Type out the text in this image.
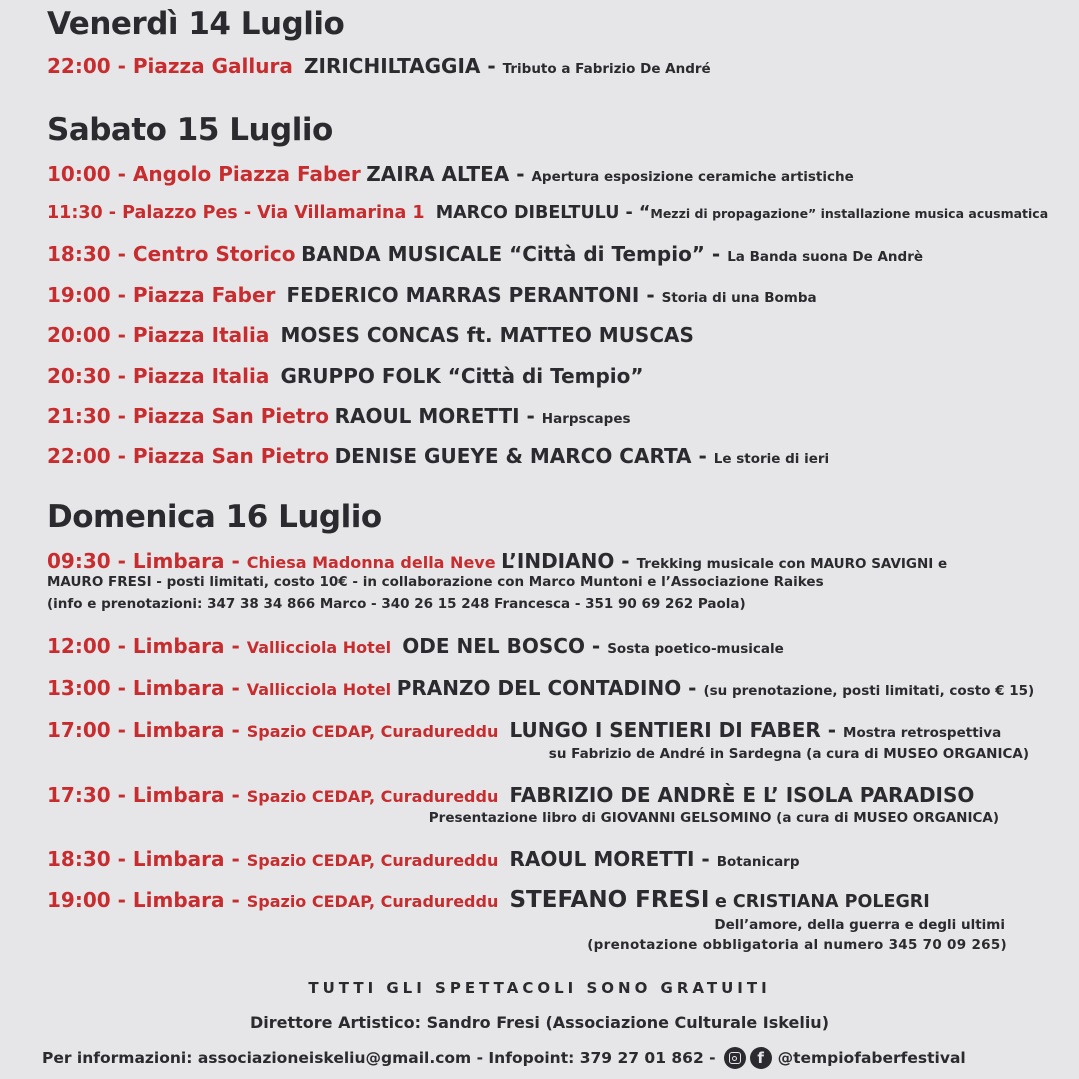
Venerdì 14 Luglio
22:00 - Piazza Gallura ZIRICHILTAGGIA - Tributo a Fabrizio De André
Sabato 15 Luglio
10:00 - Angolo Piazza Faber ZAIRA ALTEA - Apertura esposizione ceramiche artistiche
11:30 - Palazzo Pes - Via Villamarina 1 MARCO DIBELTULU - “Mezzi di propagazione” installazione musica acusmatica
18:30 - Centro Storico BANDA MUSICALE “Città di Tempio” - La Banda suona De Andrè
19:00 - Piazza Faber FEDERICO MARRAS PERANTONI - Storia di una Bomba
20:00 - Piazza Italia MOSES CONCAS ft. MATTEO MUSCAS
20:30 - Piazza Italia GRUPPO FOLK “Città di Tempio”
21:30 - Piazza San Pietro RAOUL MORETTI - Harpscapes
22:00 - Piazza San Pietro DENISE GUEYE & MARCO CARTA - Le storie di ieri
Domenica 16 Luglio
09:30 - Limbara - Chiesa Madonna della Neve L’INDIANO - Trekking musicale con MAURO SAVIGNI e
MAURO FRESI - posti limitati, costo 10€ - in collaborazione con Marco Muntoni e l’Associazione Raikes
(info e prenotazioni: 347 38 34 866 Marco - 340 26 15 248 Francesca - 351 90 69 262 Paola)
12:00 - Limbara - Vallicciola Hotel ODE NEL BOSCO - Sosta poetico-musicale
13:00 - Limbara - Vallicciola Hotel PRANZO DEL CONTADINO - (su prenotazione, posti limitati, costo € 15)
17:00 - Limbara - Spazio CEDAP, Curadureddu LUNGO I SENTIERI DI FABER - Mostra retrospettiva
17:30 - Limbara - Spazio CEDAP, Curadureddu FABRIZIO DE ANDRÈ E L’ ISOLA PARADISO
18:30 - Limbara - Spazio CEDAP, Curadureddu RAOUL MORETTI - Botanicarp
19:00 - Limbara - Spazio CEDAP, Curadureddu STEFANO FRESI e CRISTIANA POLEGRI
su Fabrizio de André in Sardegna (a cura di MUSEO ORGANICA)
Presentazione libro di GIOVANNI GELSOMINO (a cura di MUSEO ORGANICA)
Dell’amore, della guerra e degli ultimi
(prenotazione obbligatoria al numero 345 70 09 265)
TUTTI GLI SPETTACOLI SONO GRATUITI
Direttore Artistico: Sandro Fresi (Associazione Culturale Iskeliu)
Per informazioni: associazioneiskeliu@gmail.com - Infopoint: 379 27 01 862 -	f @tempiofaberfestival
